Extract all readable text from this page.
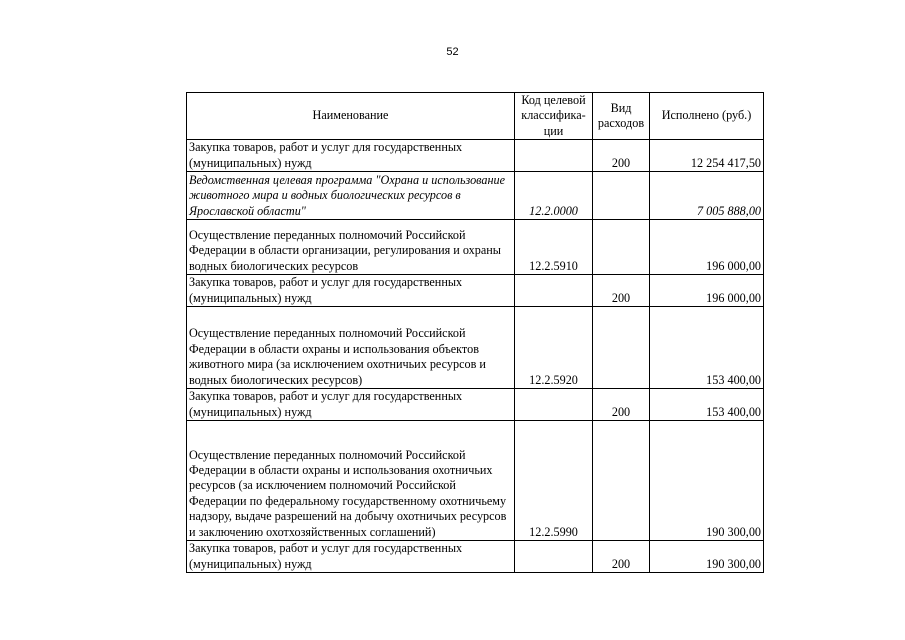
52
Наименование	Код целевой классифика-ции	Вид расходов	Исполнено (руб.)
Закупка товаров, работ и услуг для государственных (муниципальных) нужд		200	12 254 417,50
Ведомственная целевая программа "Охрана и использование животного мира и водных биологических ресурсов в Ярославской области"	12.2.0000		7 005 888,00
Осуществление переданных полномочий Российской Федерации в области организации, регулирования и охраны водных биологических ресурсов	12.2.5910		196 000,00
Закупка товаров, работ и услуг для государственных (муниципальных) нужд		200	196 000,00
Осуществление переданных полномочий Российской Федерации в области охраны и использования объектов животного мира (за исключением охотничьих ресурсов и водных биологических ресурсов)	12.2.5920		153 400,00
Закупка товаров, работ и услуг для государственных (муниципальных) нужд		200	153 400,00
Осуществление переданных полномочий Российской Федерации в области охраны и использования охотничьих ресурсов (за исключением полномочий Российской Федерации по федеральному государственному охотничьему надзору, выдаче разрешений на добычу охотничьих ресурсов и заключению охотхозяйственных соглашений)	12.2.5990		190 300,00
Закупка товаров, работ и услуг для государственных (муниципальных) нужд		200	190 300,00
